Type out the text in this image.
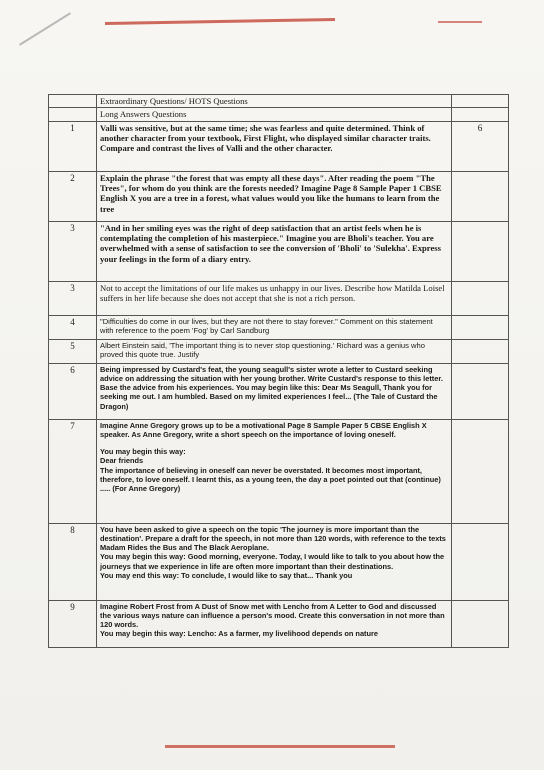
	Extraordinary Questions/ HOTS Questions	
	Long Answers Questions	
1	Valli was sensitive, but at the same time; she was fearless and quite determined. Think of another character from your textbook, First Flight, who displayed similar character traits. Compare and contrast the lives of Valli and the other character.	6
2	Explain the phrase "the forest that was empty all these days". After reading the poem "The Trees", for whom do you think are the forests needed? Imagine Page 8 Sample Paper 1 CBSE English X you are a tree in a forest, what values would you like the humans to learn from the tree	
3	"And in her smiling eyes was the right of deep satisfaction that an artist feels when he is contemplating the completion of his masterpiece." Imagine you are Bholi's teacher. You are overwhelmed with a sense of satisfaction to see the conversion of 'Bholi' to 'Sulekha'. Express your feelings in the form of a diary entry.	
3	Not to accept the limitations of our life makes us unhappy in our lives. Describe how Matilda Loisel suffers in her life because she does not accept that she is not a rich person.	
4	"Difficulties do come in our lives, but they are not there to stay forever." Comment on this statement with reference to the poem 'Fog' by Carl Sandburg	
5	Albert Einstein said, 'The important thing is to never stop questioning.' Richard was a genius who proved this quote true. Justify	
6	Being impressed by Custard's feat, the young seagull's sister wrote a letter to Custard seeking advice on addressing the situation with her young brother. Write Custard's response to this letter. Base the advice from his experiences. You may begin like this: Dear Ms Seagull, Thank you for seeking me out. I am humbled. Based on my limited experiences I feel... (The Tale of Custard the Dragon)	
7	Imagine Anne Gregory grows up to be a motivational Page 8 Sample Paper 5 CBSE English X speaker. As Anne Gregory, write a short speech on the importance of loving oneself.
You may begin this way:
Dear friends
The importance of believing in oneself can never be overstated. It becomes most important, therefore, to love oneself. I learnt this, as a young teen, the day a poet pointed out that (continue) ..... (For Anne Gregory)	

8	You have been asked to give a speech on the topic 'The journey is more important than the destination'. Prepare a draft for the speech, in not more than 120 words, with reference to the texts Madam Rides the Bus and The Black Aeroplane.
You may begin this way: Good morning, everyone. Today, I would like to talk to you about how the journeys that we experience in life are often more important than their destinations.
You may end this way: To conclude, I would like to say that... Thank you	

9	Imagine Robert Frost from A Dust of Snow met with Lencho from A Letter to God and discussed the various ways nature can influence a person's mood. Create this conversation in not more than 120 words.
You may begin this way: Lencho: As a farmer, my livelihood depends on nature	
